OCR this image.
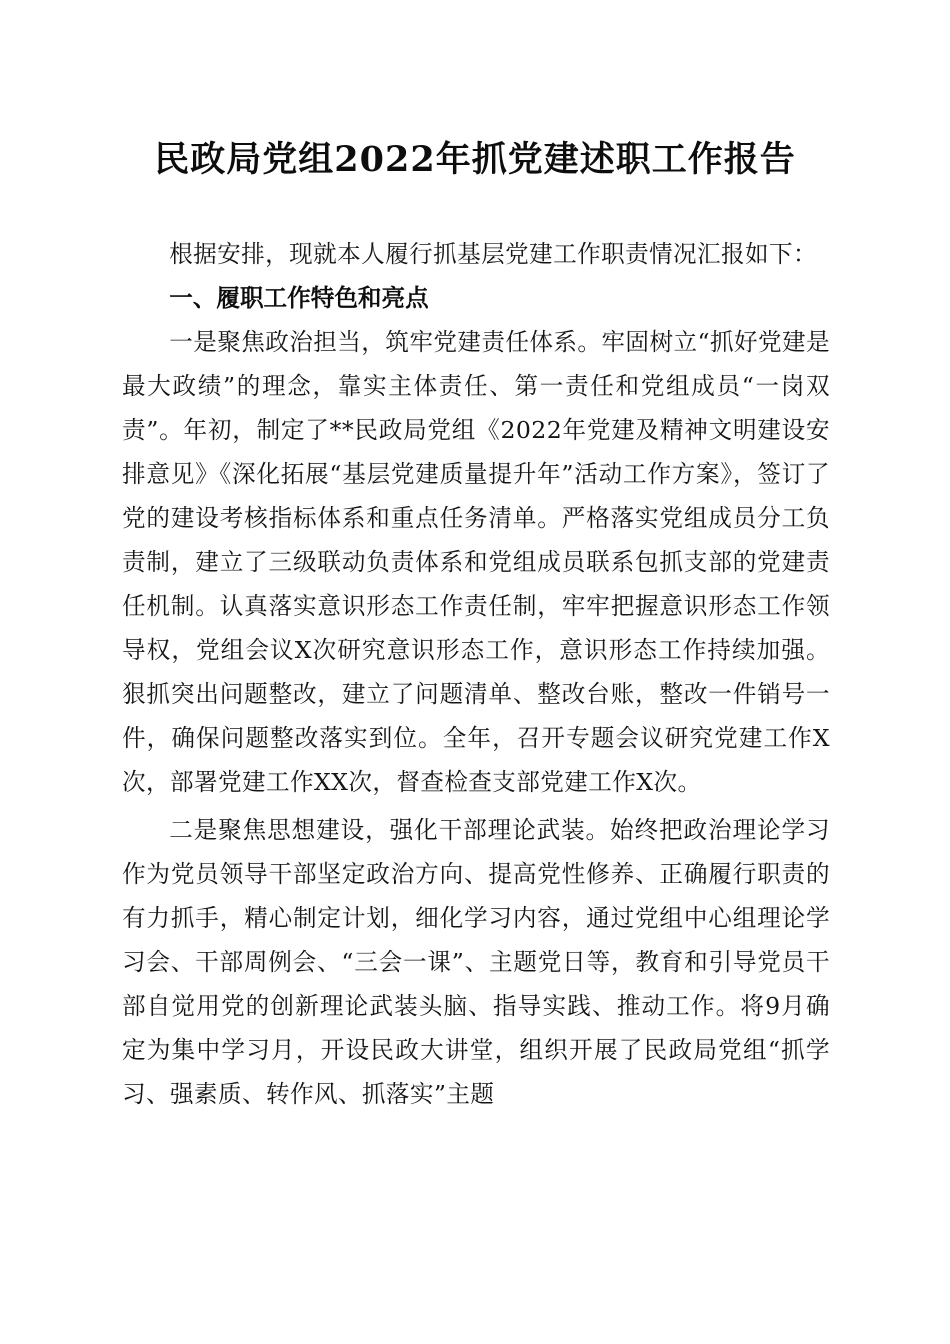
民政局党组2022年抓党建述职工作报告

根据安排，现就本人履行抓基层党建工作职责情况汇报如下：

一、履职工作特色和亮点

一是聚焦政治担当，筑牢党建责任体系。牢固树立“抓好党建是最大政绩”的理念，靠实主体责任、第一责任和党组成员“一岗双责”。年初，制定了**民政局党组《2022年党建及精神文明建设安排意见》《深化拓展“基层党建质量提升年”活动工作方案》，签订了党的建设考核指标体系和重点任务清单。严格落实党组成员分工负责制，建立了三级联动负责体系和党组成员联系包抓支部的党建责任机制。认真落实意识形态工作责任制，牢牢把握意识形态工作领导权，党组会议X次研究意识形态工作，意识形态工作持续加强。狠抓突出问题整改，建立了问题清单、整改台账，整改一件销号一件，确保问题整改落实到位。全年，召开专题会议研究党建工作X次，部署党建工作XX次，督查检查支部党建工作X次。

二是聚焦思想建设，强化干部理论武装。始终把政治理论学习作为党员领导干部坚定政治方向、提高党性修养、正确履行职责的有力抓手，精心制定计划，细化学习内容，通过党组中心组理论学习会、干部周例会、“三会一课”、主题党日等，教育和引导党员干部自觉用党的创新理论武装头脑、指导实践、推动工作。将9月确定为集中学习月，开设民政大讲堂，组织开展了民政局党组“抓学习、强素质、转作风、抓落实”主题
